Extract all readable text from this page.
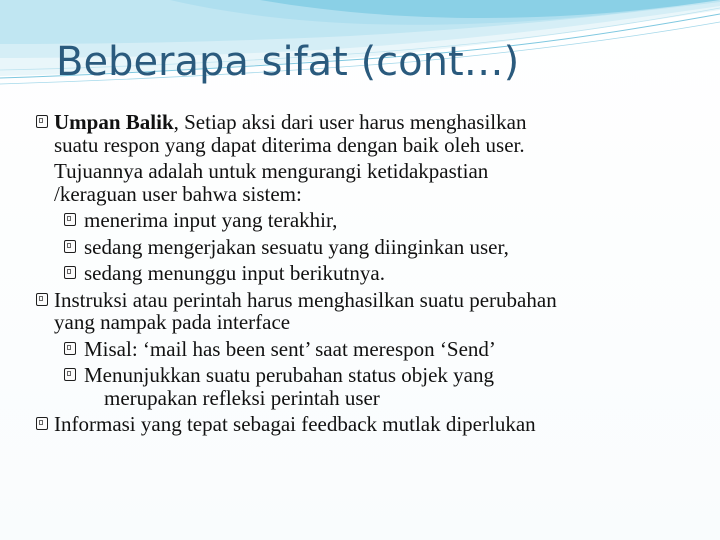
Beberapa sifat (cont…)
Umpan Balik, Setiap aksi dari user harus menghasilkan
suatu respon yang dapat diterima dengan baik oleh user.
Tujuannya adalah untuk mengurangi ketidakpastian
/keraguan user bahwa sistem:
menerima input yang terakhir,
sedang mengerjakan sesuatu yang diinginkan user,
sedang menunggu input berikutnya.
Instruksi atau perintah harus menghasilkan suatu perubahan
yang nampak pada interface
Misal: ‘mail has been sent’ saat merespon ‘Send’
Menunjukkan suatu perubahan status objek yang
merupakan refleksi perintah user
Informasi yang tepat sebagai feedback mutlak diperlukan
